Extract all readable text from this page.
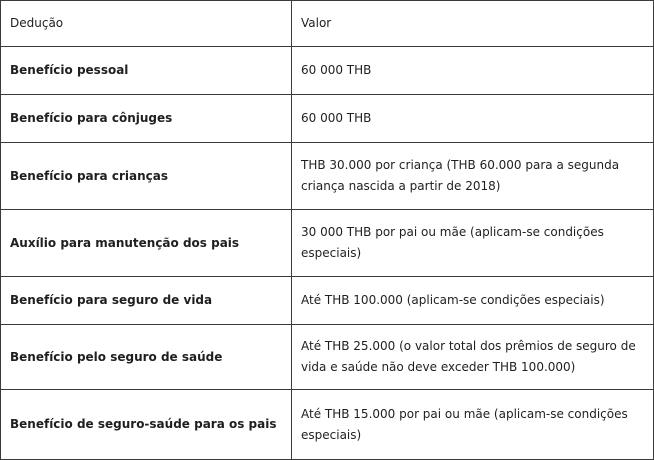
Dedução	Valor
Benefício pessoal	60 000 THB
Benefício para cônjuges	60 000 THB
Benefício para crianças	THB 30.000 por criança (THB 60.000 para a segunda criança nascida a partir de 2018)
Auxílio para manutenção dos pais	30 000 THB por pai ou mãe (aplicam-se condições especiais)
Benefício para seguro de vida	Até THB 100.000 (aplicam-se condições especiais)
Benefício pelo seguro de saúde	Até THB 25.000 (o valor total dos prêmios de seguro de vida e saúde não deve exceder THB 100.000)
Benefício de seguro-saúde para os pais	Até THB 15.000 por pai ou mãe (aplicam-se condições especiais)
